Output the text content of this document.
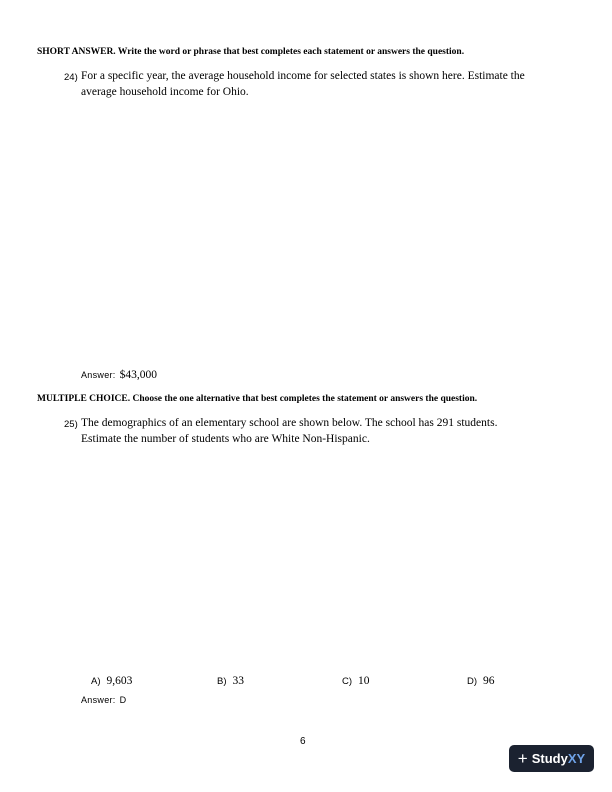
SHORT ANSWER. Write the word or phrase that best completes each statement or answers the question.
24) For a specific year, the average household income for selected states is shown here. Estimate the
average household income for Ohio.
Answer: $43,000
MULTIPLE CHOICE. Choose the one alternative that best completes the statement or answers the question.
25) The demographics of an elementary school are shown below. The school has 291 students.
Estimate the number of students who are White Non-Hispanic.
A) 9,603	B) 33	C) 10	D) 96
Answer: D
6
+ Study XY
